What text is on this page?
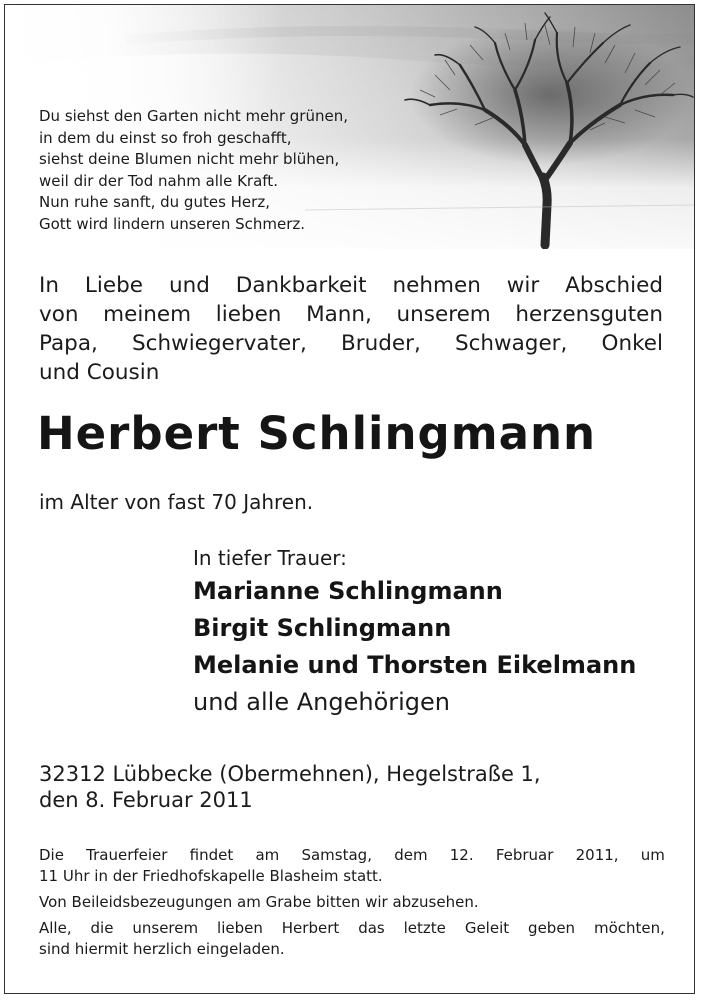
Du siehst den Garten nicht mehr grünen,
in dem du einst so froh geschafft,
siehst deine Blumen nicht mehr blühen,
weil dir der Tod nahm alle Kraft.
Nun ruhe sanft, du gutes Herz,
Gott wird lindern unseren Schmerz.
In Liebe und Dankbarkeit nehmen wir Abschied
von meinem lieben Mann, unserem herzensguten
Papa, Schwiegervater, Bruder, Schwager, Onkel
und Cousin
Herbert Schlingmann
im Alter von fast 70 Jahren.
In tiefer Trauer:
Marianne Schlingmann
Birgit Schlingmann
Melanie und Thorsten Eikelmann
und alle Angehörigen
32312 Lübbecke (Obermehnen), Hegelstraße 1,
den 8. Februar 2011
Die Trauerfeier findet am Samstag, dem 12. Februar 2011, um
11 Uhr in der Friedhofskapelle Blasheim statt.
Von Beileidsbezeugungen am Grabe bitten wir abzusehen.
Alle, die unserem lieben Herbert das letzte Geleit geben möchten,
sind hiermit herzlich eingeladen.
